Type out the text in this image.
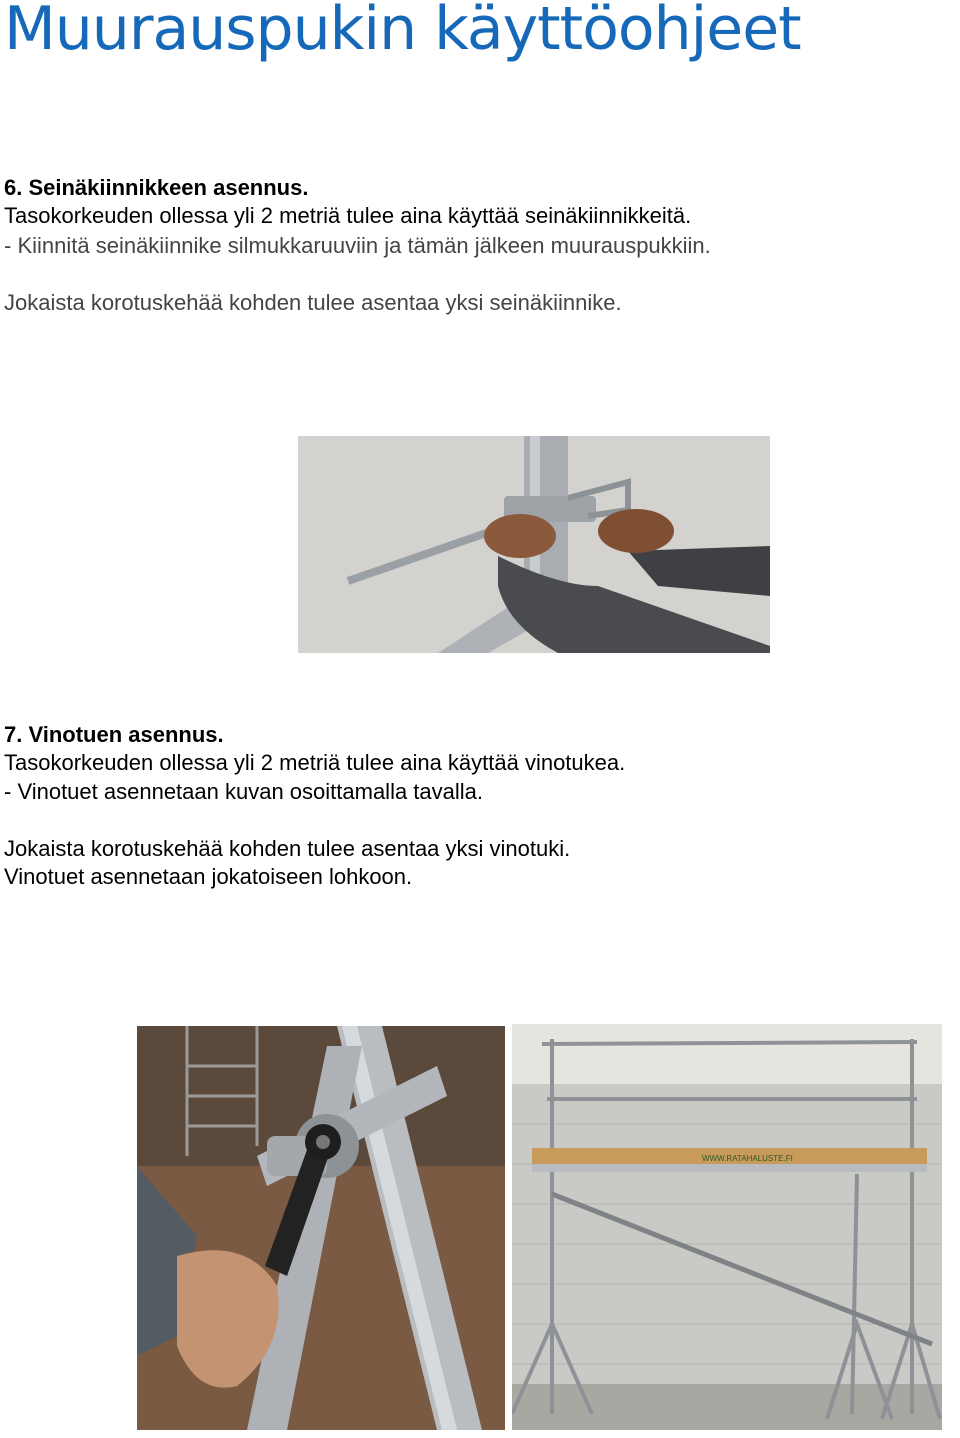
Muurauspukin käyttöohjeet
6. Seinäkiinnikkeen asennus.
Tasokorkeuden ollessa yli 2 metriä tulee aina käyttää seinäkiinnikkeitä.
- Kiinnitä seinäkiinnike silmukkaruuviin ja tämän jälkeen muurauspukkiin.
Jokaista korotuskehää kohden tulee asentaa yksi seinäkiinnike.
7. Vinotuen asennus.
Tasokorkeuden ollessa yli 2 metriä tulee aina käyttää vinotukea.
- Vinotuet asennetaan kuvan osoittamalla tavalla.
Jokaista korotuskehää kohden tulee asentaa yksi vinotuki.
Vinotuet asennetaan jokatoiseen lohkoon.
WWW.RATAHALUSTE.FI
